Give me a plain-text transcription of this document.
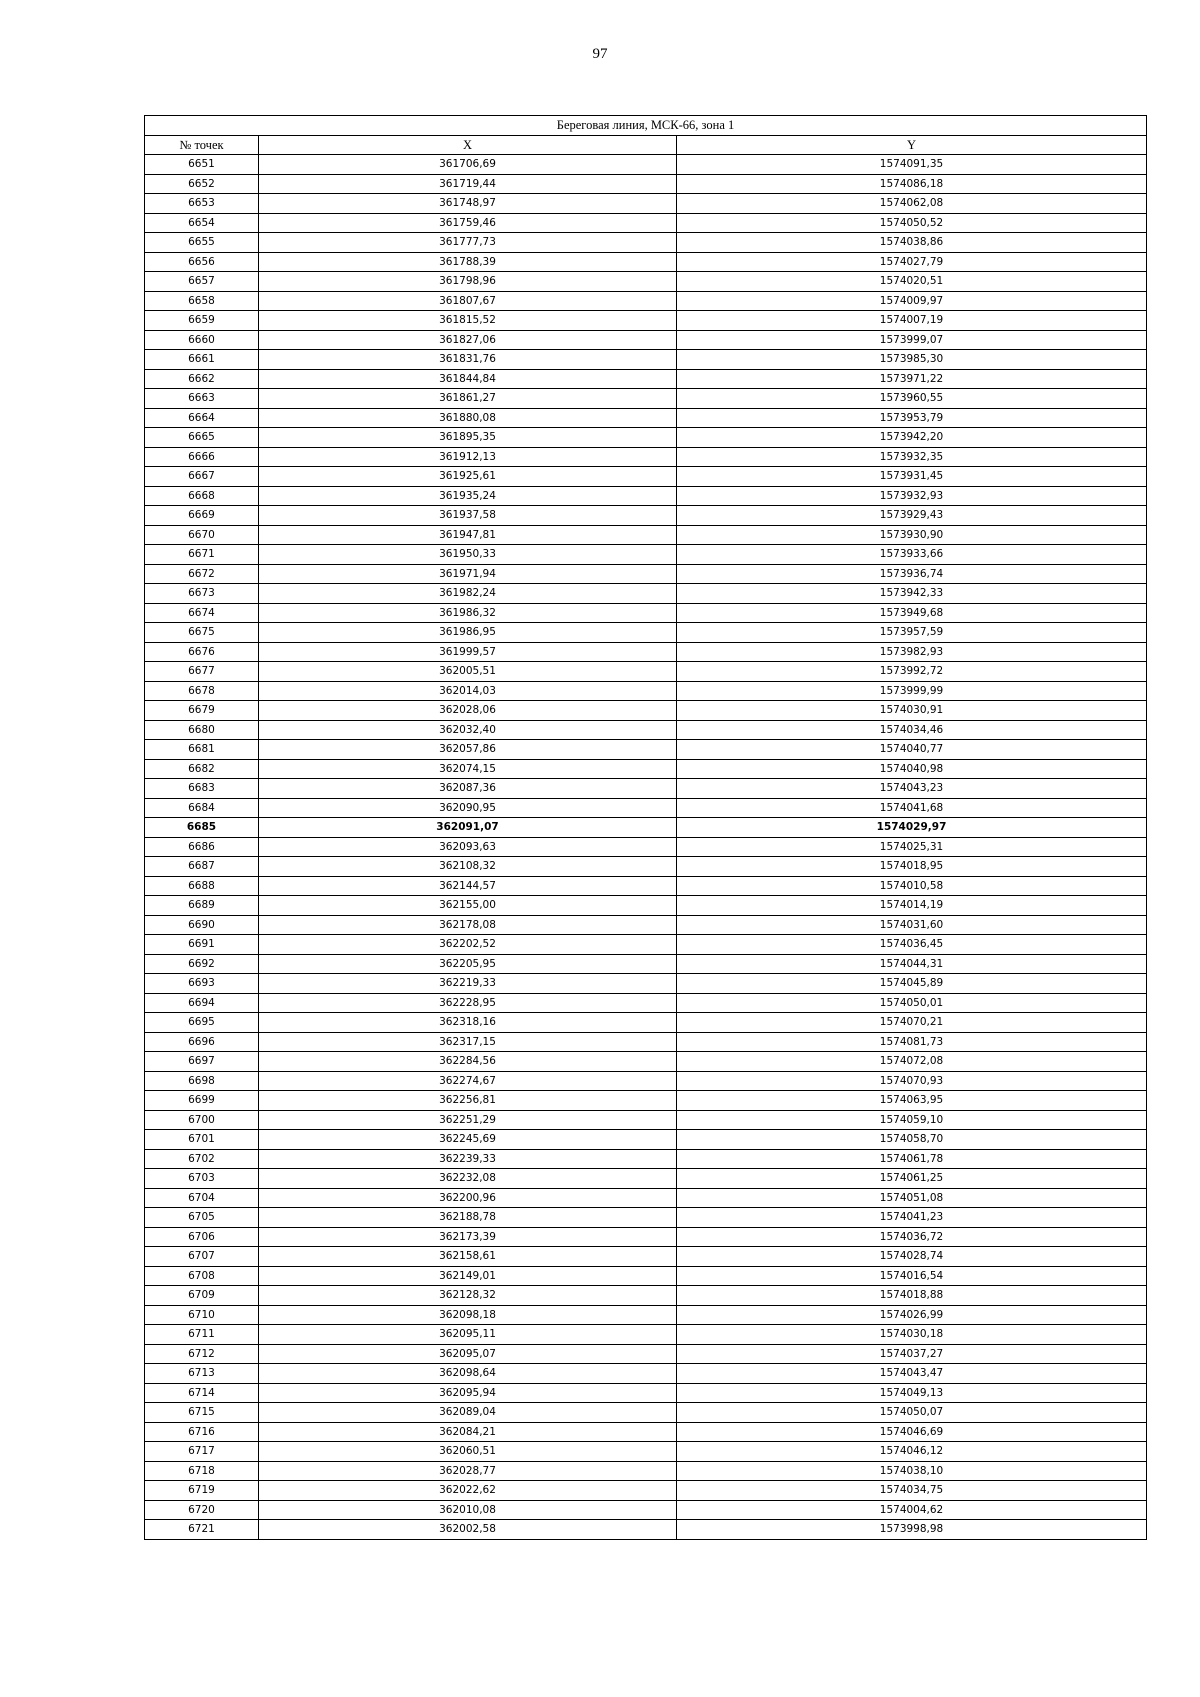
97
Береговая линия, МСК-66, зона 1		
№ точек	X	Y
6651	361706,69	1574091,35
6652	361719,44	1574086,18
6653	361748,97	1574062,08
6654	361759,46	1574050,52
6655	361777,73	1574038,86
6656	361788,39	1574027,79
6657	361798,96	1574020,51
6658	361807,67	1574009,97
6659	361815,52	1574007,19
6660	361827,06	1573999,07
6661	361831,76	1573985,30
6662	361844,84	1573971,22
6663	361861,27	1573960,55
6664	361880,08	1573953,79
6665	361895,35	1573942,20
6666	361912,13	1573932,35
6667	361925,61	1573931,45
6668	361935,24	1573932,93
6669	361937,58	1573929,43
6670	361947,81	1573930,90
6671	361950,33	1573933,66
6672	361971,94	1573936,74
6673	361982,24	1573942,33
6674	361986,32	1573949,68
6675	361986,95	1573957,59
6676	361999,57	1573982,93
6677	362005,51	1573992,72
6678	362014,03	1573999,99
6679	362028,06	1574030,91
6680	362032,40	1574034,46
6681	362057,86	1574040,77
6682	362074,15	1574040,98
6683	362087,36	1574043,23
6684	362090,95	1574041,68
6685	362091,07	1574029,97
6686	362093,63	1574025,31
6687	362108,32	1574018,95
6688	362144,57	1574010,58
6689	362155,00	1574014,19
6690	362178,08	1574031,60
6691	362202,52	1574036,45
6692	362205,95	1574044,31
6693	362219,33	1574045,89
6694	362228,95	1574050,01
6695	362318,16	1574070,21
6696	362317,15	1574081,73
6697	362284,56	1574072,08
6698	362274,67	1574070,93
6699	362256,81	1574063,95
6700	362251,29	1574059,10
6701	362245,69	1574058,70
6702	362239,33	1574061,78
6703	362232,08	1574061,25
6704	362200,96	1574051,08
6705	362188,78	1574041,23
6706	362173,39	1574036,72
6707	362158,61	1574028,74
6708	362149,01	1574016,54
6709	362128,32	1574018,88
6710	362098,18	1574026,99
6711	362095,11	1574030,18
6712	362095,07	1574037,27
6713	362098,64	1574043,47
6714	362095,94	1574049,13
6715	362089,04	1574050,07
6716	362084,21	1574046,69
6717	362060,51	1574046,12
6718	362028,77	1574038,10
6719	362022,62	1574034,75
6720	362010,08	1574004,62
6721	362002,58	1573998,98
